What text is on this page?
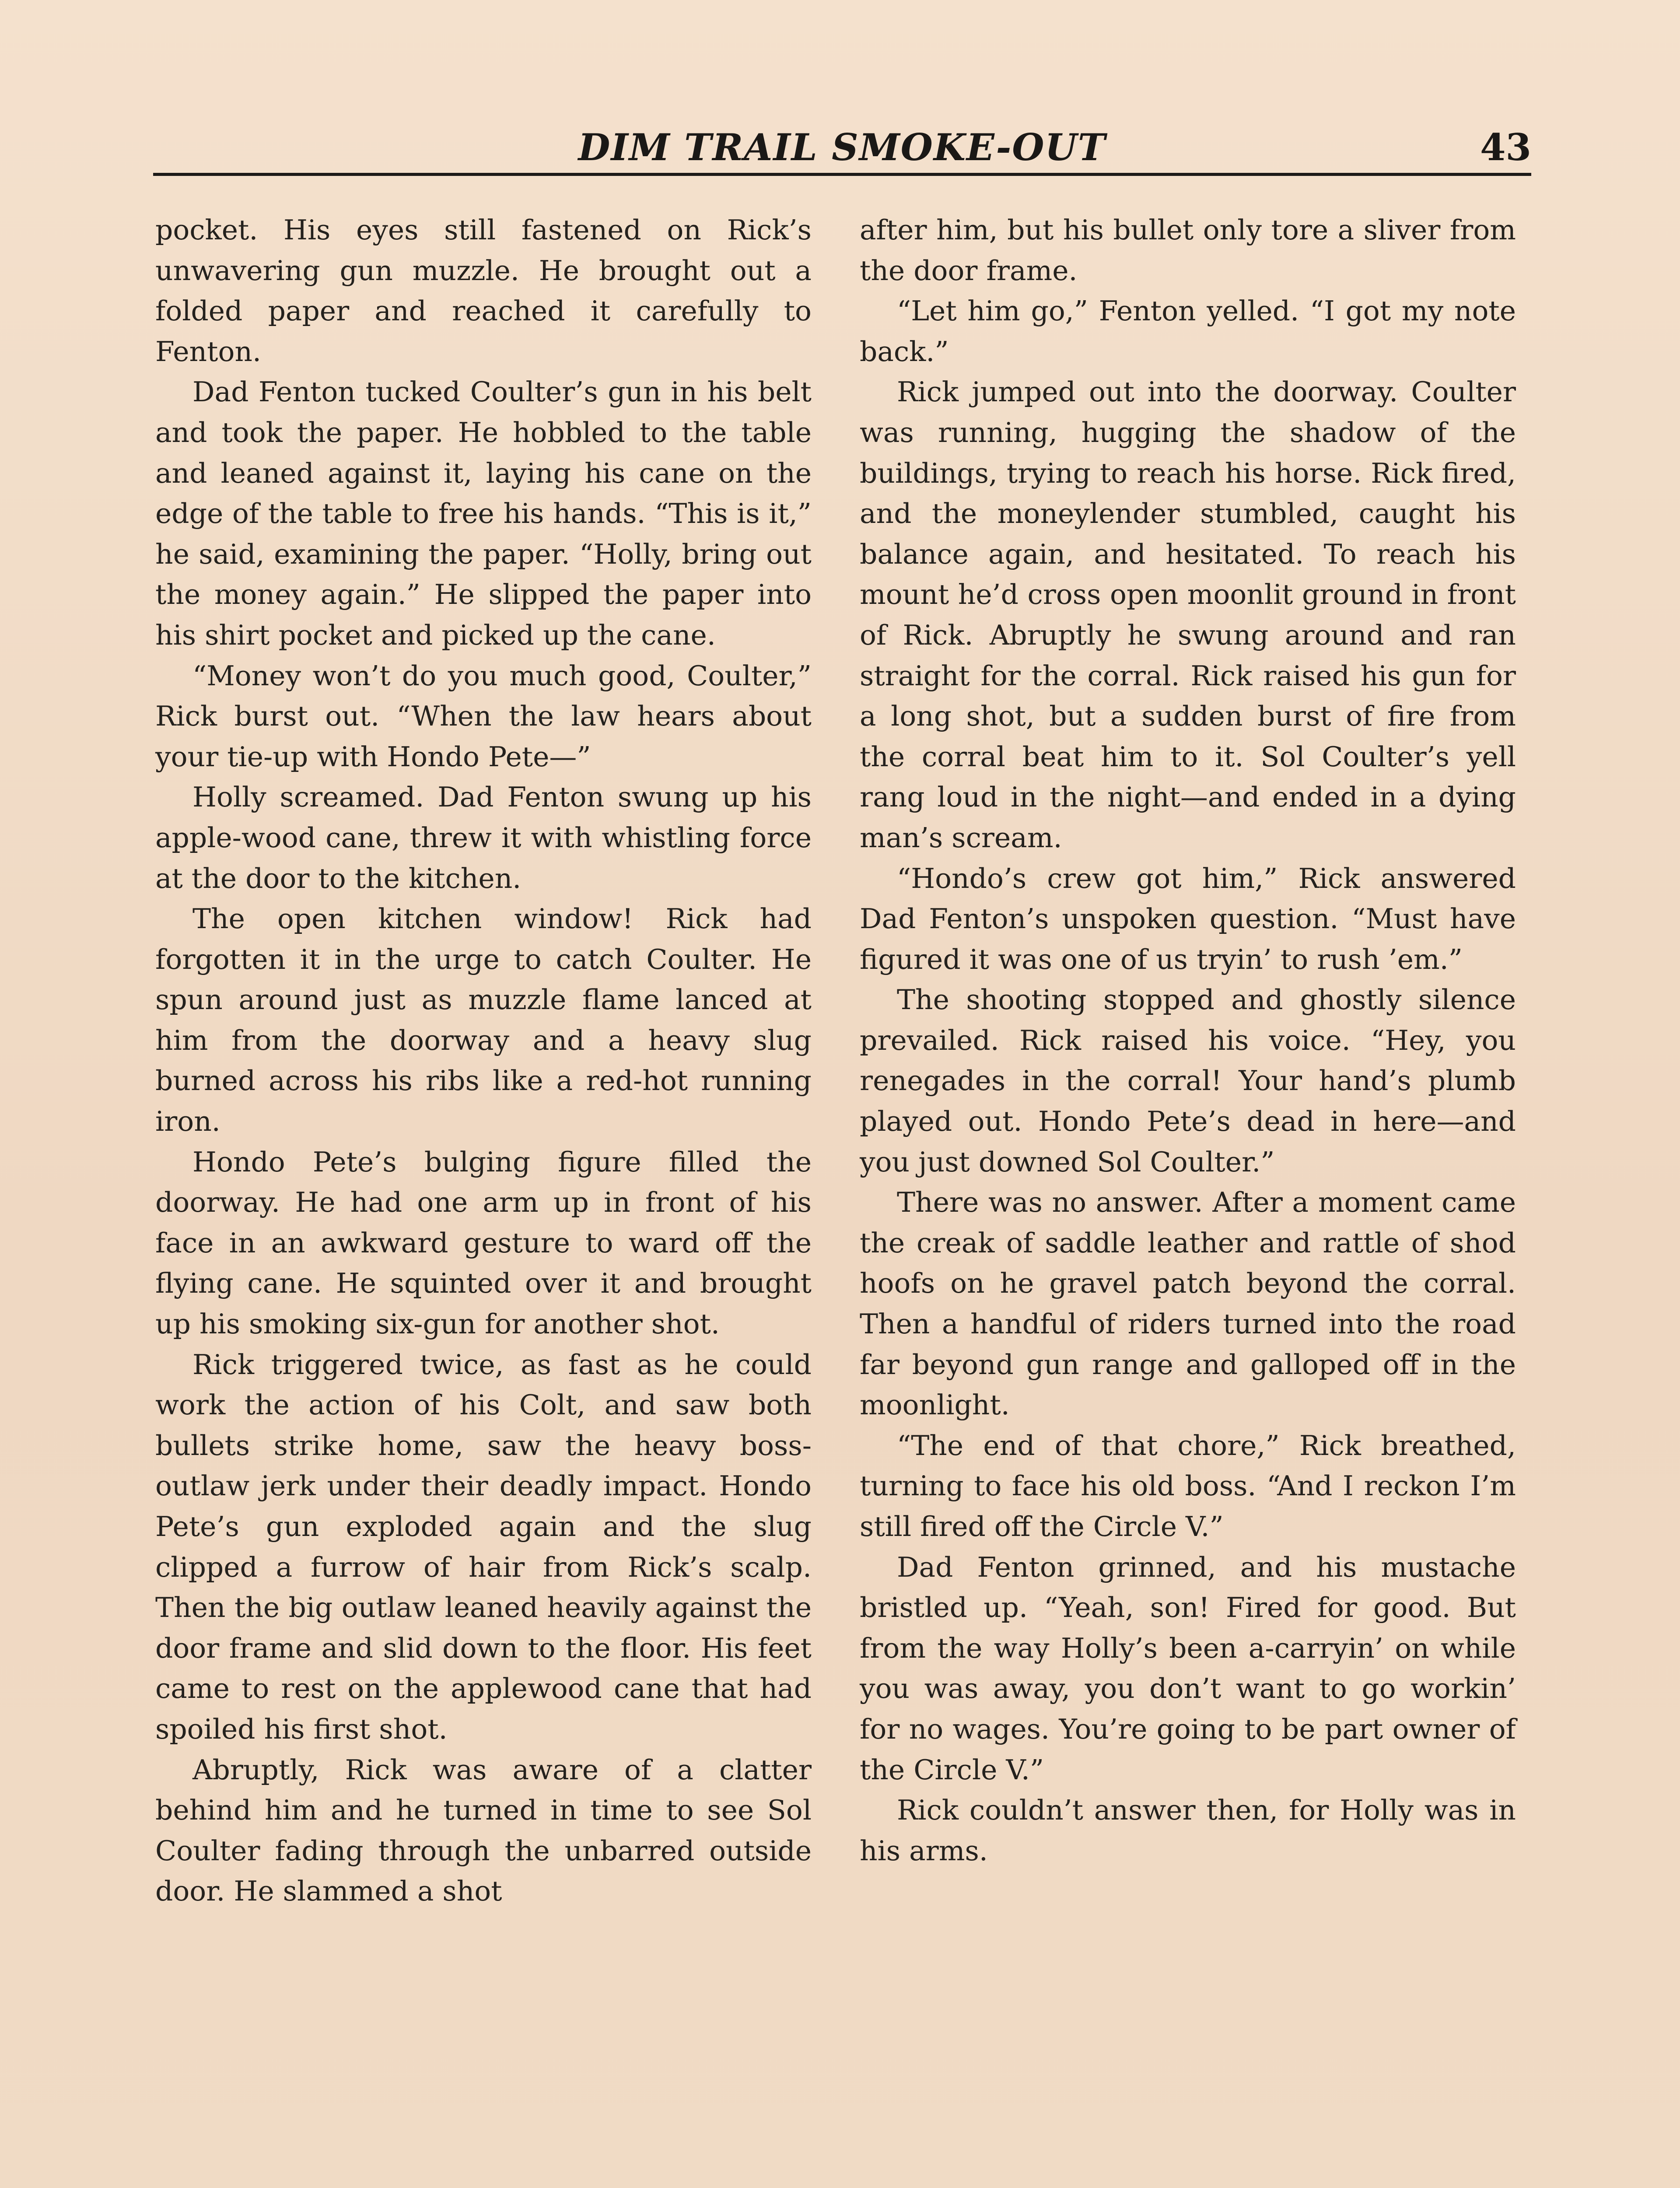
DIM TRAIL SMOKE-OUT	43

pocket. His eyes still fastened on Rick’s unwavering gun muzzle. He brought out a folded paper and reached it carefully to Fenton.

Dad Fenton tucked Coulter’s gun in his belt and took the paper. He hobbled to the table and leaned against it, laying his cane on the edge of the table to free his hands. “This is it,” he said, examining the paper. “Holly, bring out the money again.” He slipped the paper into his shirt pocket and picked up the cane.

“Money won’t do you much good, Coulter,” Rick burst out. “When the law hears about your tie-up with Hondo Pete—”

Holly screamed. Dad Fenton swung up his apple-wood cane, threw it with whistling force at the door to the kitchen.

The open kitchen window! Rick had forgotten it in the urge to catch Coulter. He spun around just as muzzle flame lanced at him from the doorway and a heavy slug burned across his ribs like a red-hot running iron.

Hondo Pete’s bulging figure filled the doorway. He had one arm up in front of his face in an awkward gesture to ward off the flying cane. He squinted over it and brought up his smoking six-gun for another shot.

Rick triggered twice, as fast as he could work the action of his Colt, and saw both bullets strike home, saw the heavy boss-outlaw jerk under their deadly impact. Hondo Pete’s gun exploded again and the slug clipped a furrow of hair from Rick’s scalp. Then the big outlaw leaned heavily against the door frame and slid down to the floor. His feet came to rest on the applewood cane that had spoiled his first shot.

Abruptly, Rick was aware of a clatter behind him and he turned in time to see Sol Coulter fading through the unbarred outside door. He slammed a shot

after him, but his bullet only tore a sliver from the door frame.

“Let him go,” Fenton yelled. “I got my note back.”

Rick jumped out into the doorway. Coulter was running, hugging the shadow of the buildings, trying to reach his horse. Rick fired, and the moneylender stumbled, caught his balance again, and hesitated. To reach his mount he’d cross open moonlit ground in front of Rick. Abruptly he swung around and ran straight for the corral. Rick raised his gun for a long shot, but a sudden burst of fire from the corral beat him to it. Sol Coulter’s yell rang loud in the night—and ended in a dying man’s scream.

“Hondo’s crew got him,” Rick answered Dad Fenton’s unspoken question. “Must have figured it was one of us tryin’ to rush ’em.”

The shooting stopped and ghostly silence prevailed. Rick raised his voice. “Hey, you renegades in the corral! Your hand’s plumb played out. Hondo Pete’s dead in here—and you just downed Sol Coulter.”

There was no answer. After a moment came the creak of saddle leather and rattle of shod hoofs on he gravel patch beyond the corral. Then a handful of riders turned into the road far beyond gun range and galloped off in the moonlight.

“The end of that chore,” Rick breathed, turning to face his old boss. “And I reckon I’m still fired off the Circle V.”

Dad Fenton grinned, and his mustache bristled up. “Yeah, son! Fired for good. But from the way Holly’s been a-carryin’ on while you was away, you don’t want to go workin’ for no wages. You’re going to be part owner of the Circle V.”

Rick couldn’t answer then, for Holly was in his arms.
